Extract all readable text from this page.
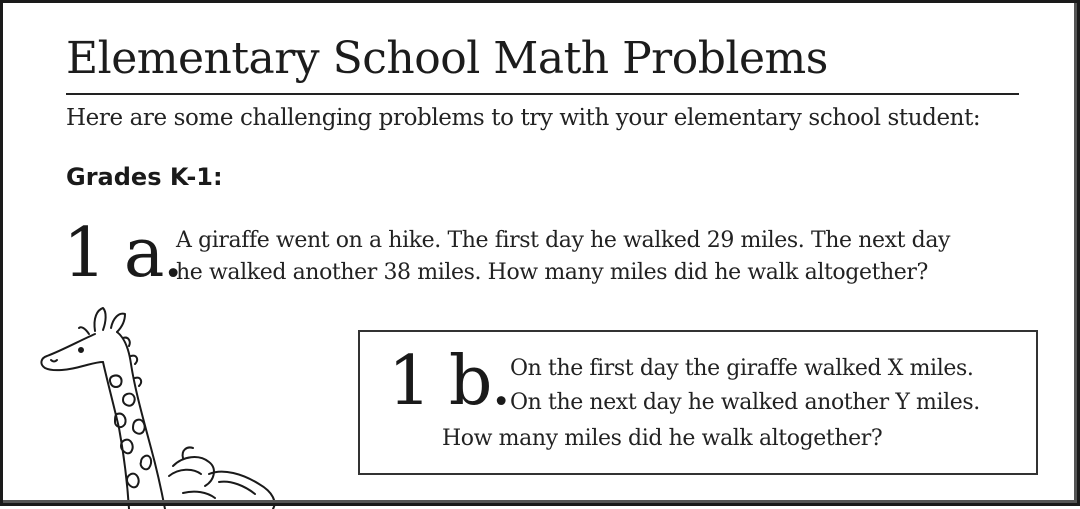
Elementary School Math Problems

Here are some challenging problems to try with your elementary school student:

Grades K-1:
1 a.
A giraffe went on a hike. The first day he walked 29 miles. The next day
he walked another 38 miles. How many miles did he walk altogether?
On the first day the giraffe walked X miles.
On the next day he walked another Y miles.
How many miles did he walk altogether?
1 b.
